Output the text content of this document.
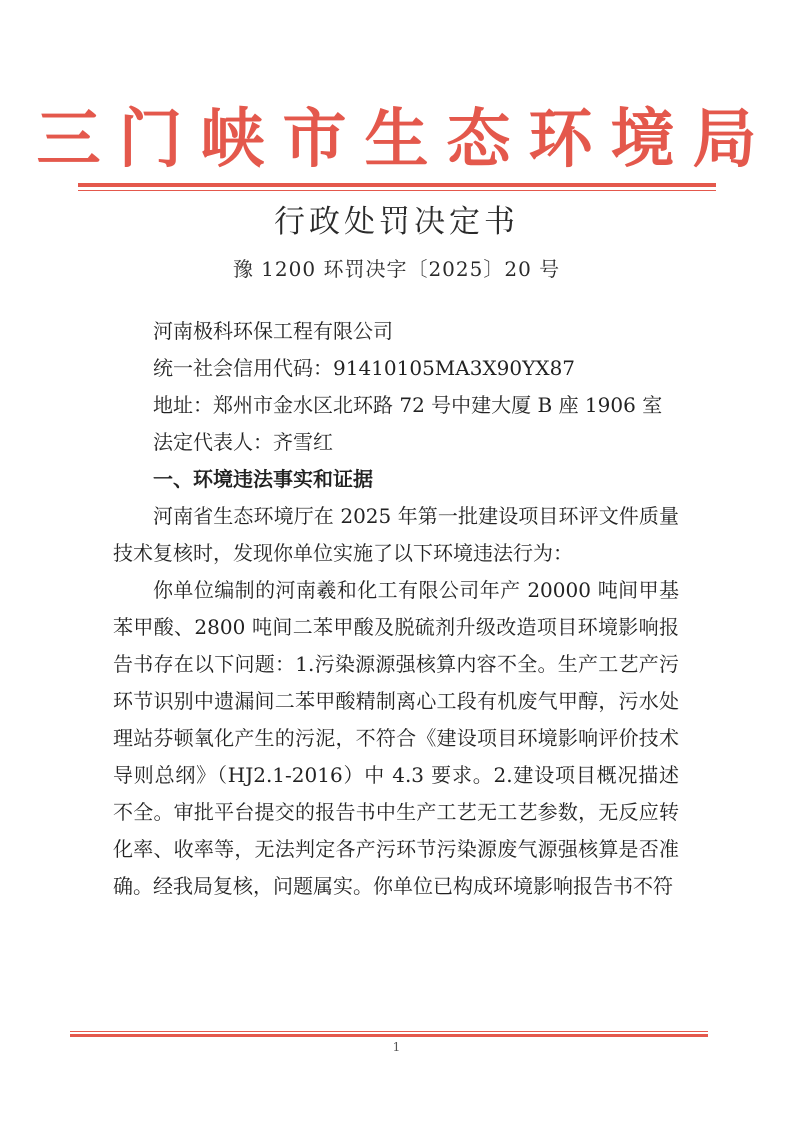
三门峡市生态环境局
行政处罚决定书
豫 1200 环罚决字〔2025〕20 号
河南极科环保工程有限公司
统一社会信用代码：91410105MA3X90YX87
地址：郑州市金水区北环路 72 号中建大厦 B 座 1906 室
法定代表人：齐雪红
一、环境违法事实和证据

河南省生态环境厅在 2025 年第一批建设项目环评文件质量技术复核时，发现你单位实施了以下环境违法行为：

你单位编制的河南羲和化工有限公司年产 20000 吨间甲基苯甲酸、2800 吨间二苯甲酸及脱硫剂升级改造项目环境影响报告书存在以下问题：1.污染源源强核算内容不全。生产工艺产污环节识别中遗漏间二苯甲酸精制离心工段有机废气甲醇，污水处理站芬顿氧化产生的污泥，不符合《建设项目环境影响评价技术导则总纲》（HJ2.1-2016）中 4.3 要求。2.建设项目概况描述不全。审批平台提交的报告书中生产工艺无工艺参数，无反应转化率、收率等，无法判定各产污环节污染源废气源强核算是否准确。经我局复核，问题属实。你单位已构成环境影响报告书不符

1
